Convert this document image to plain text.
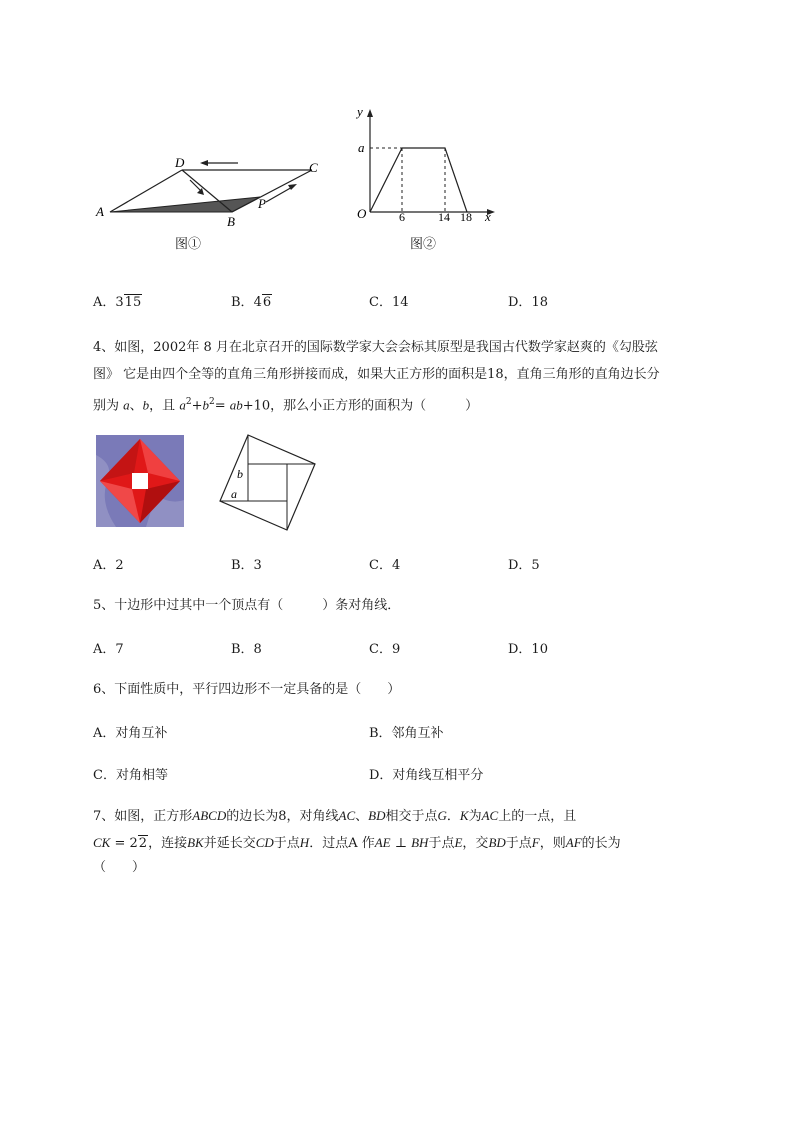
A
D	C
B
P
图①
y
a
O	x
6	14 18
图②
A．315	B．46	C．14	D．18
4、如图，2002年 8 月在北京召开的国际数学家大会会标其原型是我国古代数学家赵爽的《勾股弦
图》 它是由四个全等的直角三角形拼接而成，如果大正方形的面积是18，直角三角形的直角边长分
别为 a、b，且 $a^2+b^2= ab+10$，那么小正方形的面积为（　　　）
b
a
A．2	B．3	C．4	D．5
5、十边形中过其中一个顶点有（　　　）条对角线．
A．7	B．8	C．9	D．10
6、下面性质中，平行四边形不一定具备的是（　　）
A．对角互补	B．邻角互补
C．对角相等	D．对角线互相平分
7、如图，正方形ABCD的边长为8，对角线AC、BD相交于点G．K为AC上的一点，且
CK = 22，连接BK并延长交CD于点H．过点A 作AE ⊥ BH于点E，交BD于点F，则AF的长为
（　　）
